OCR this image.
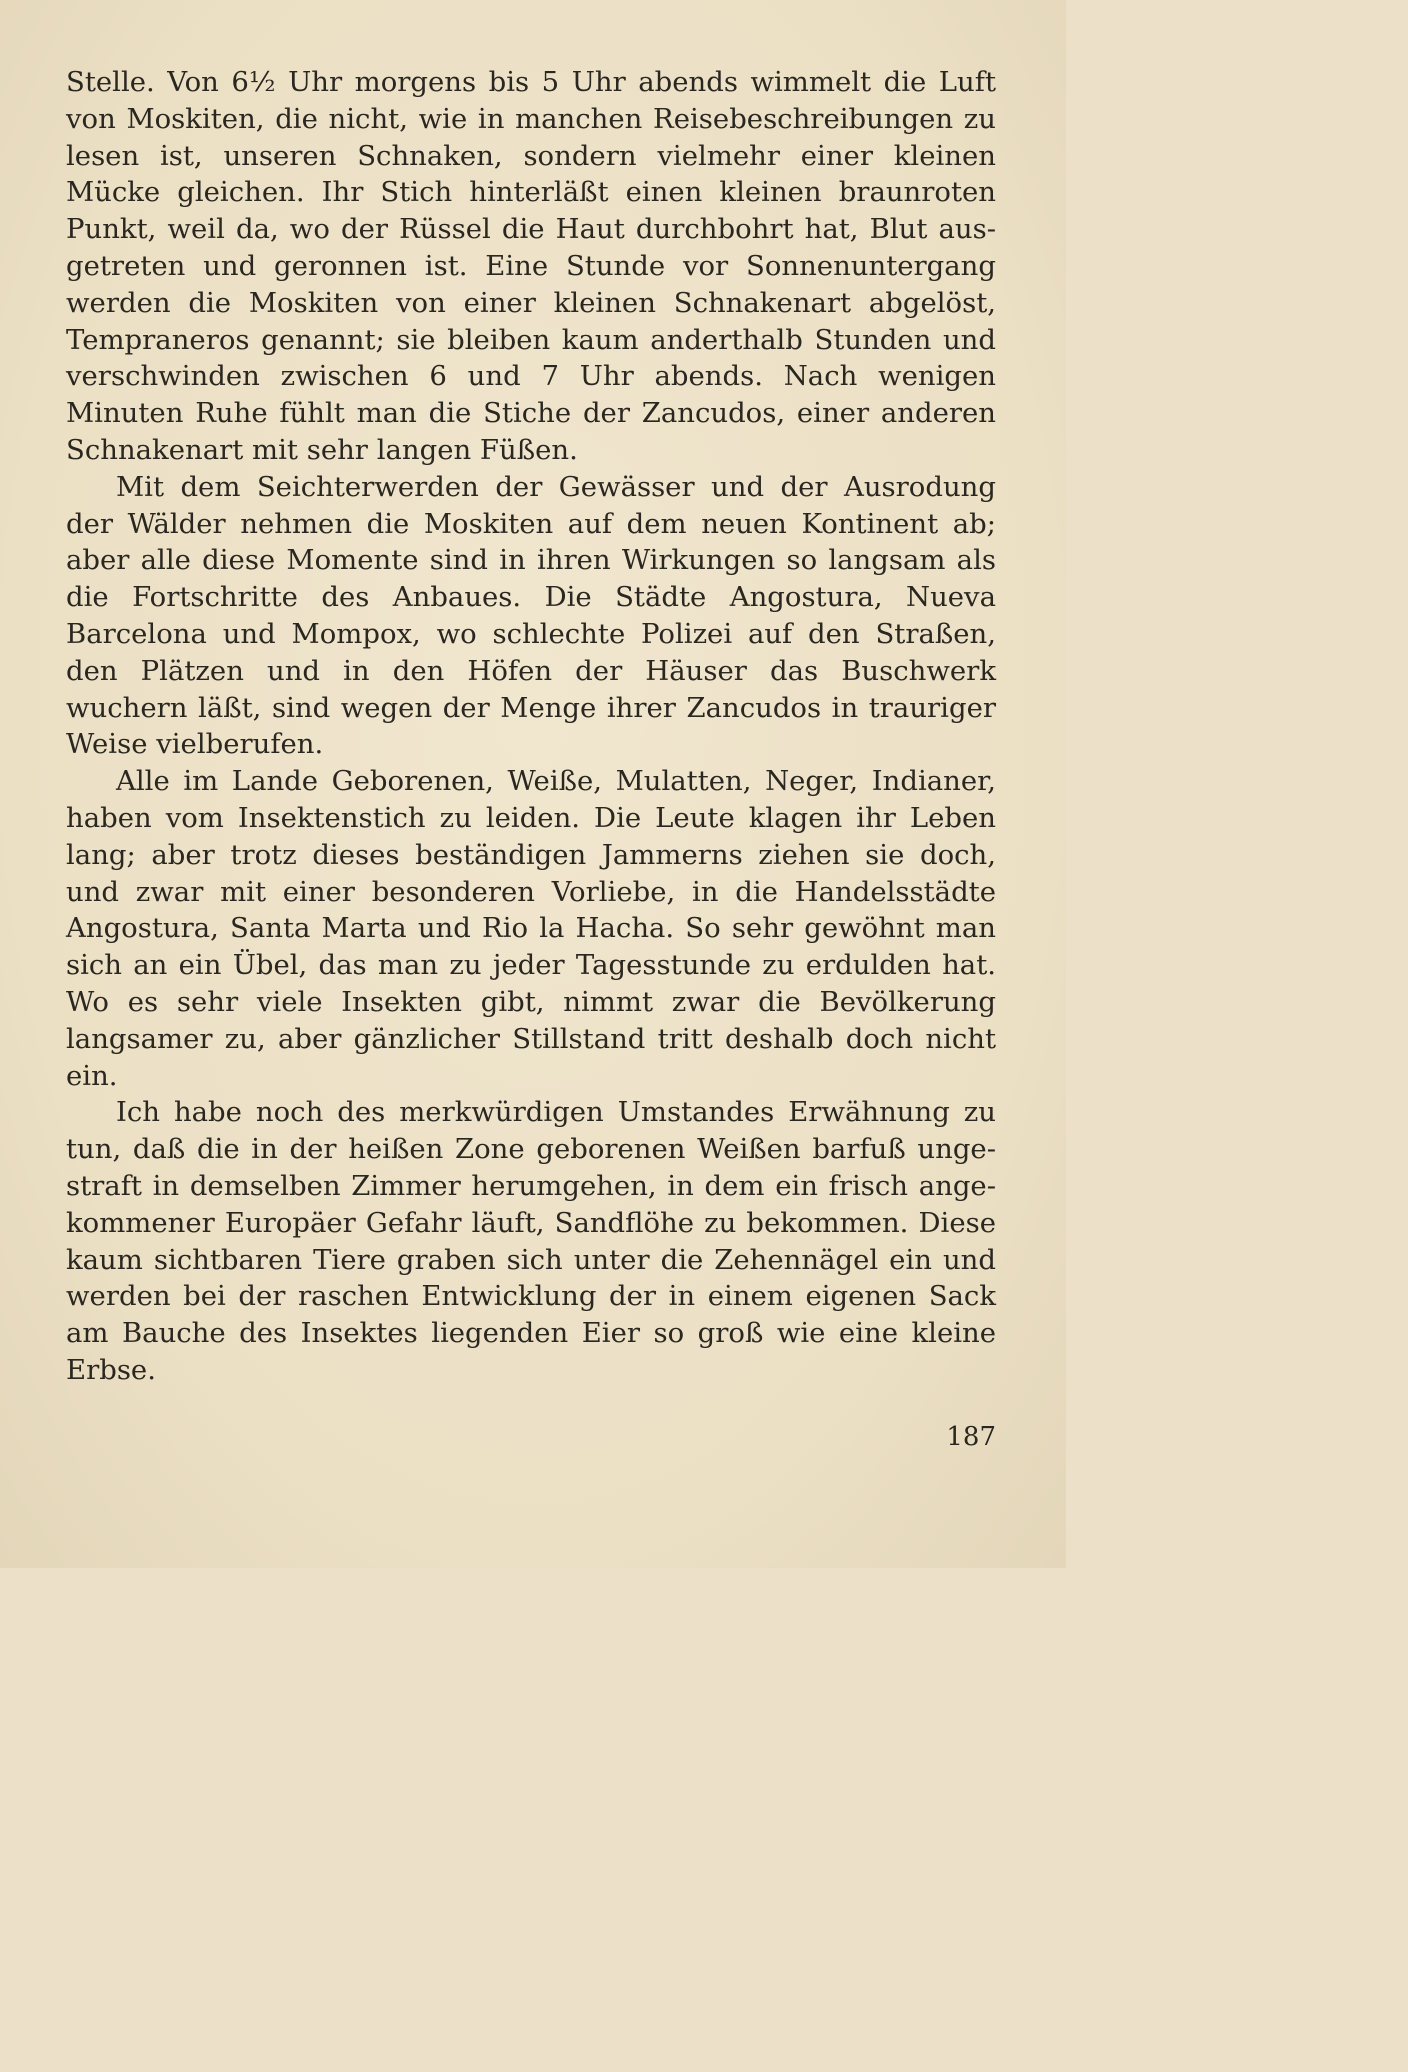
Stelle. Von 6½ Uhr morgens bis 5 Uhr abends wimmelt die Luft von Moskiten, die nicht, wie in manchen Reisebeschreibungen zu lesen ist, unseren Schnaken, sondern vielmehr einer kleinen Mücke gleichen. Ihr Stich hinterläßt einen kleinen braunroten Punkt, weil da, wo der Rüssel die Haut durchbohrt hat, Blut ausgetreten und geronnen ist. Eine Stunde vor Sonnenuntergang werden die Moskiten von einer kleinen Schnakenart abgelöst, Tempraneros genannt; sie bleiben kaum anderthalb Stunden und verschwinden zwischen 6 und 7 Uhr abends. Nach wenigen Minuten Ruhe fühlt man die Stiche der Zancudos, einer anderen Schnakenart mit sehr langen Füßen.

Mit dem Seichterwerden der Gewässer und der Ausrodung der Wälder nehmen die Moskiten auf dem neuen Kontinent ab; aber alle diese Momente sind in ihren Wirkungen so langsam als die Fortschritte des Anbaues. Die Städte Angostura, Nueva Barcelona und Mompox, wo schlechte Polizei auf den Straßen, den Plätzen und in den Höfen der Häuser das Buschwerk wuchern läßt, sind wegen der Menge ihrer Zancudos in trauriger Weise vielberufen.

Alle im Lande Geborenen, Weiße, Mulatten, Neger, Indianer, haben vom Insektenstich zu leiden. Die Leute klagen ihr Leben lang; aber trotz dieses beständigen Jammerns ziehen sie doch, und zwar mit einer besonderen Vorliebe, in die Handelsstädte Angostura, Santa Marta und Rio la Hacha. So sehr gewöhnt man sich an ein Übel, das man zu jeder Tagesstunde zu erdulden hat. Wo es sehr viele Insekten gibt, nimmt zwar die Bevölkerung langsamer zu, aber gänzlicher Stillstand tritt deshalb doch nicht ein.

Ich habe noch des merkwürdigen Umstandes Erwähnung zu tun, daß die in der heißen Zone geborenen Weißen barfuß ungestraft in demselben Zimmer herumgehen, in dem ein frisch angekommener Europäer Gefahr läuft, Sandflöhe zu bekommen. Diese kaum sichtbaren Tiere graben sich unter die Zehennägel ein und werden bei der raschen Entwicklung der in einem eigenen Sack am Bauche des Insektes liegenden Eier so groß wie eine kleine Erbse.

187
